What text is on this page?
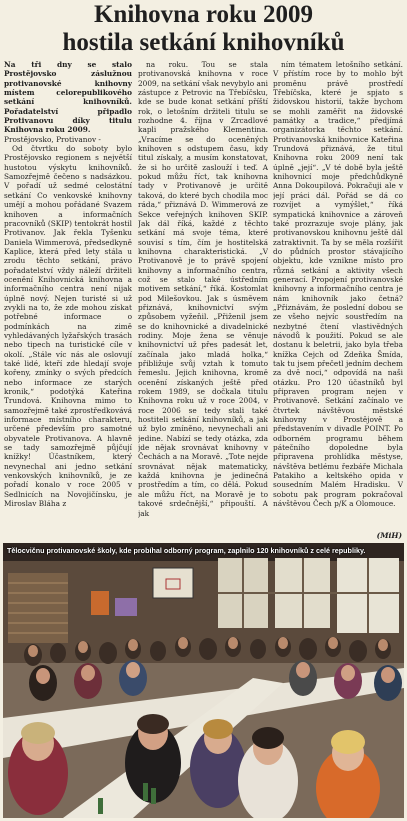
Knihovna roku 2009
hostila setkání knihovníků

Na tři dny se stalo Prostějovsko záslužnou protivanovské knihovny místem celorepublikového setkání knihovníků. Pořadatelství připadlo Protivanovu díky titulu Knihovna roku 2009.

Prostějovsko, Protivanov -

Od čtvrtku do soboty bylo Prostějovsko regionem s největší hustotou výskytu knihovníků. Samozřejmě čečeno s nadsázkou. V pořadí už sedmé celostátní setkání Co venkovské knihovny umějí a mohou pořádané Svazem knihoven a informačních pracovníků (SKIP) tentokrát hostil Protivanov. Jak řekla Tyšenku Daniela Wimmerová, předsedkyně Kaplice, která před lety stála u zrodu těchto setkání, právo pořadatelství vždy náleží držiteli ocenění Knihovnická knihovna a informačního centra není nijak úplně nový. Nejen turisté si už zvykli na to, že zde mohou získat potřebné informace o podmínkách na zimě vyhledávaných lyžařských trasách nebo tipech na turistické cíle v okolí. „Stále víc nás ale oslovují také lidé, kteří zde hledají svoje kořeny, zmínky o svých předcích nebo informace ze starých kronik,“ podotýká Kateřina Trundová. Knihovna mimo to samozřejmě také zprostředkovává informace místního charakteru, určené především pro samotné obyvatele Protivanova. A hlavně se tady samozřejmě půjčují knížky! Účastníkem, který nevynechal ani jedno setkání venkovských knihovníků, je ze pořadí konalo v roce 2005 v Sedlnicích na Novojičínsku, je Miroslav Bláha z

na roku. Tou se stala protivanovská knihovna v roce 2009, na setkání však nevybylo ani zástupce z Petrovic na Třebíčsku, kde se bude konat setkání příští rok, o letošním držiteli titulu se rozhodne 4. října v Zrcadlové kapli pražského Klementina. „Vracíme se do oceněných knihoven s odstupem času, kdy titul získaly, a musím konstatovat, že si ho určitě zaslouží i teď. A pokud můžu říct, tak knihovna tady v Protivanově je určitě taková, do které bych chodila moc ráda,“ přiznává D. Wimmerová ze Sekce veřejných knihoven SKIP. Jak dál říká, každé z těchto setkání má svoje téma, které souvisí s tím, čím je hostitelská knihovna charakteristická. „V Protivanově je to právě spojení knihovny a informačního centra, což se stalo také ústředním motivem setkání,“ říká. Kostomlat pod Milešovkou. Jak s úsměvem přiznává, knihovnictví svým způsobem vyžeňil. „Přiženil jsem se do knihovnické a divadelnické rodiny. Moje žena se věnuje knihovnictví už přes padesát let, začínala jako mladá holka,“ přibližuje svůj vztah k tomuto řemeslu. Jejich knihovna, kromě ocenění získaných ještě před rokem 1989, se dočkala titulu Knihovna roku už v roce 2004, v roce 2006 se tedy stali také hostiteli setkání knihovníků, a jak už bylo zmíněno, nevynechali ani jedine. Nabízí se tedy otázka, zda jde nějak srovnávat knihovny v Čechách a na Moravě. „Tote nejde srovnávat nějak matematicky, každá knihovna je jedinečná prostředím a tím, co dělá. Pokud ale můžu říct, na Moravě je to takové srdečnější,“ připouští. A jak

ním tématem letošního setkání. V přístím roce by to mohlo být proměnu právě prostředí Třebíčska, které je spjato s židovskou historií, takže bychom se mohli zaměřit na židovské památky a tradice,“ předjímá organizátorka těchto setkání. Protivanovská knihovnice Kateřina Trundová přiznává, že titul Knihovna roku 2009 není tak úplně „její“. „V té době byla ještě knihovnicí moje předchůdkyně Anna Dokoupilová. Pokračuji ale v její práci dál. Pořád se dá co rozvíjet a vymýšlet,“ říká sympatická knihovnice a zároveň také prozrazuje svoje plány, jak protivanovskou knihovnu ještě dál zatraktivnit. Ta by se měla rozšířit do půdních prostor stávajícího objektu, kde vznikne místo pro různá setkání a aktivity všech generací. Propojení protivanovské knihovny a informačního centra je nám knihovník jako četná? „Přiznávám, že poslední dobou se ze všeho nejvíc soustředím na nezbytné čtení vlastivědných návodů k použití. Pokud se ale dostanu k beletrii, jako byla třeba knížka Cejch od Zdeňka Šmída, tak tu jsem přečetl jedním dechem za dvě noci,“ odpovídá na naši otázku. Pro 120 účastníků byl připraven program nejen v Protivanově. Setkání začínalo ve čtvrtek návštěvou městské knihovny v Prostějově a představením v divadle POINT. Po odborném programu během pátečního dopoledne byla připravena prohlídka městyse, návštěva betlému řezbáře Michala Patakiho a keltského opida v sousedním Malém Hradisku. V sobotu pak program pokračoval návštěvou Čech p/K a Olomouce.

(MiH)
Tělocvičnu protivanovské školy, kde probíhal odborný program, zaplnilo 120 knihovníků z celé republiky.
